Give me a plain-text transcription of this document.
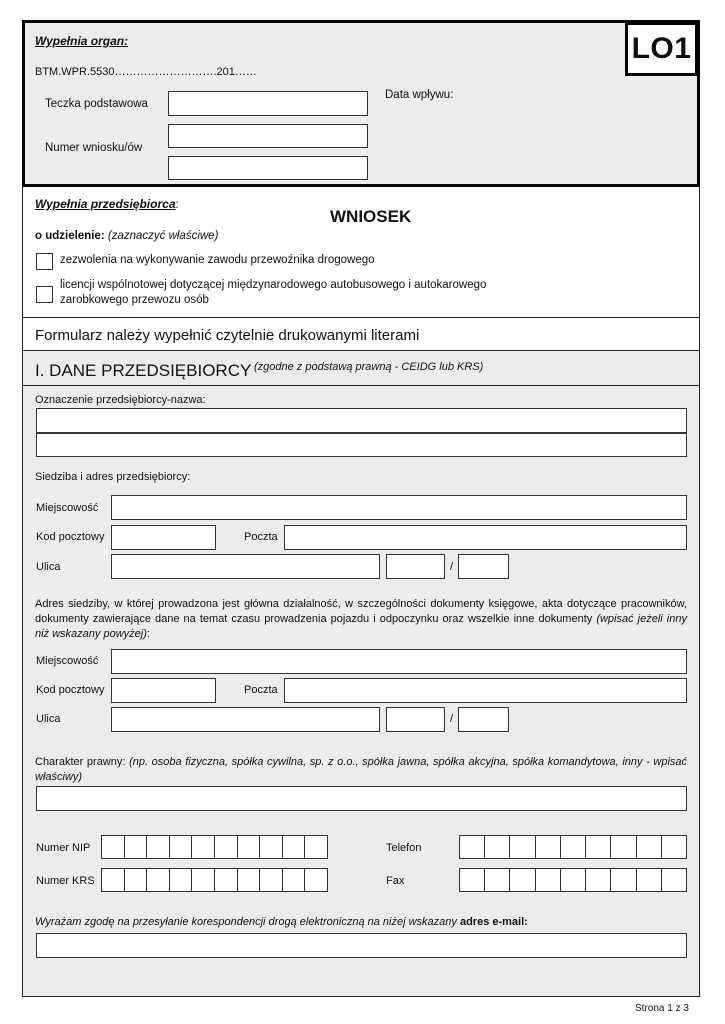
Wypełnia organ:
BTM.WPR.5530……………………….201……
LO1
Teczka podstawowa
Data wpływu:
Numer wniosku/ów
Wypełnia przedsiębiorca:
WNIOSEK
o udzielenie: (zaznaczyć właściwe)
zezwolenia na wykonywanie zawodu przewoźnika drogowego
licencji wspólnotowej dotyczącej międzynarodowego autobusowego i autokarowego
zarobkowego przewozu osób
Formularz należy wypełnić czytelnie drukowanymi literami
I. DANE PRZEDSIĘBIORCY (zgodne z podstawą prawną - CEIDG lub KRS)
Oznaczenie przedsiębiorcy-nazwa:
Siedziba i adres przedsiębiorcy:
Miejscowość
Kod pocztowy	Poczta
Ulica	/
Adres siedziby, w której prowadzona jest główna działalność, w szczególności dokumenty księgowe, akta dotyczące pracowników, dokumenty zawierające dane na temat czasu prowadzenia pojazdu i odpoczynku oraz wszelkie inne dokumenty (wpisać jeżeli inny niż wskazany powyżej):
Miejscowość
Kod pocztowy	Poczta
Ulica	/
Charakter prawny: (np. osoba fizyczna, spółka cywilna, sp. z o.o., spółka jawna, spółka akcyjna, spółka komandytowa, inny - wpisać właściwy)
Numer NIP
Numer KRS
Telefon
Fax
Wyrażam zgodę na przesyłanie korespondencji drogą elektroniczną na niżej wskazany adres e-mail:
Strona 1 z 3
